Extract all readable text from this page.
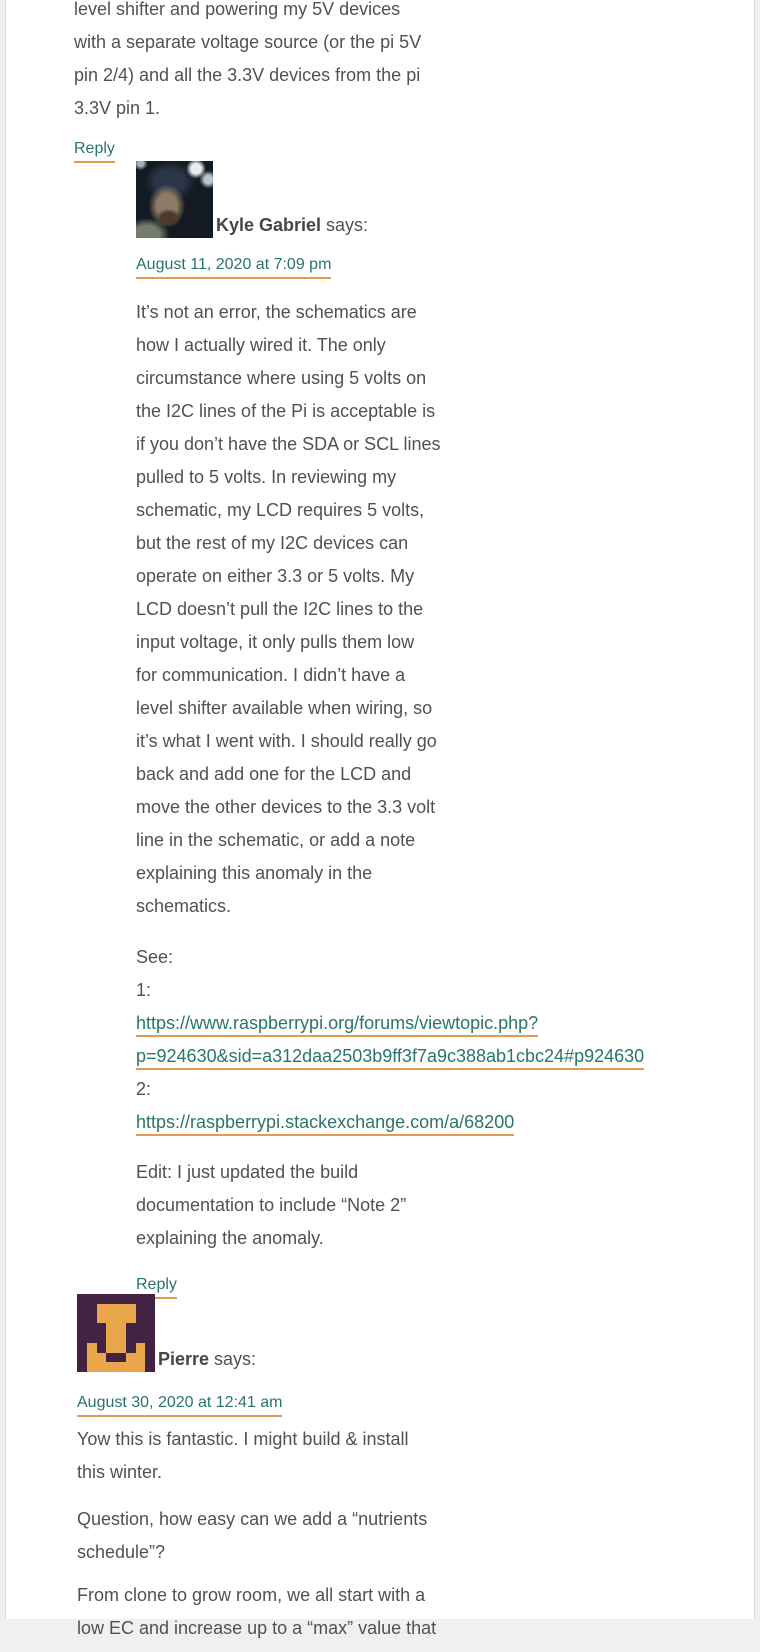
level shifter and powering my 5V devices
with a separate voltage source (or the pi 5V
pin 2/4) and all the 3.3V devices from the pi
3.3V pin 1.
Reply
Kyle Gabriel says:
August 11, 2020 at 7:09 pm
It’s not an error, the schematics are
how I actually wired it. The only
circumstance where using 5 volts on
the I2C lines of the Pi is acceptable is
if you don’t have the SDA or SCL lines
pulled to 5 volts. In reviewing my
schematic, my LCD requires 5 volts,
but the rest of my I2C devices can
operate on either 3.3 or 5 volts. My
LCD doesn’t pull the I2C lines to the
input voltage, it only pulls them low
for communication. I didn’t have a
level shifter available when wiring, so
it’s what I went with. I should really go
back and add one for the LCD and
move the other devices to the 3.3 volt
line in the schematic, or add a note
explaining this anomaly in the
schematics.
See:
1:
https://www.raspberrypi.org/forums/viewtopic.php?
p=924630&sid=a312daa2503b9ff3f7a9c388ab1cbc24#p924630
2:
https://raspberrypi.stackexchange.com/a/68200
Edit: I just updated the build
documentation to include “Note 2”
explaining the anomaly.
Reply
Pierre says:
August 30, 2020 at 12:41 am
Yow this is fantastic. I might build & install
this winter.
Question, how easy can we add a “nutrients
schedule”?
From clone to grow room, we all start with a
low EC and increase up to a “max” value that
